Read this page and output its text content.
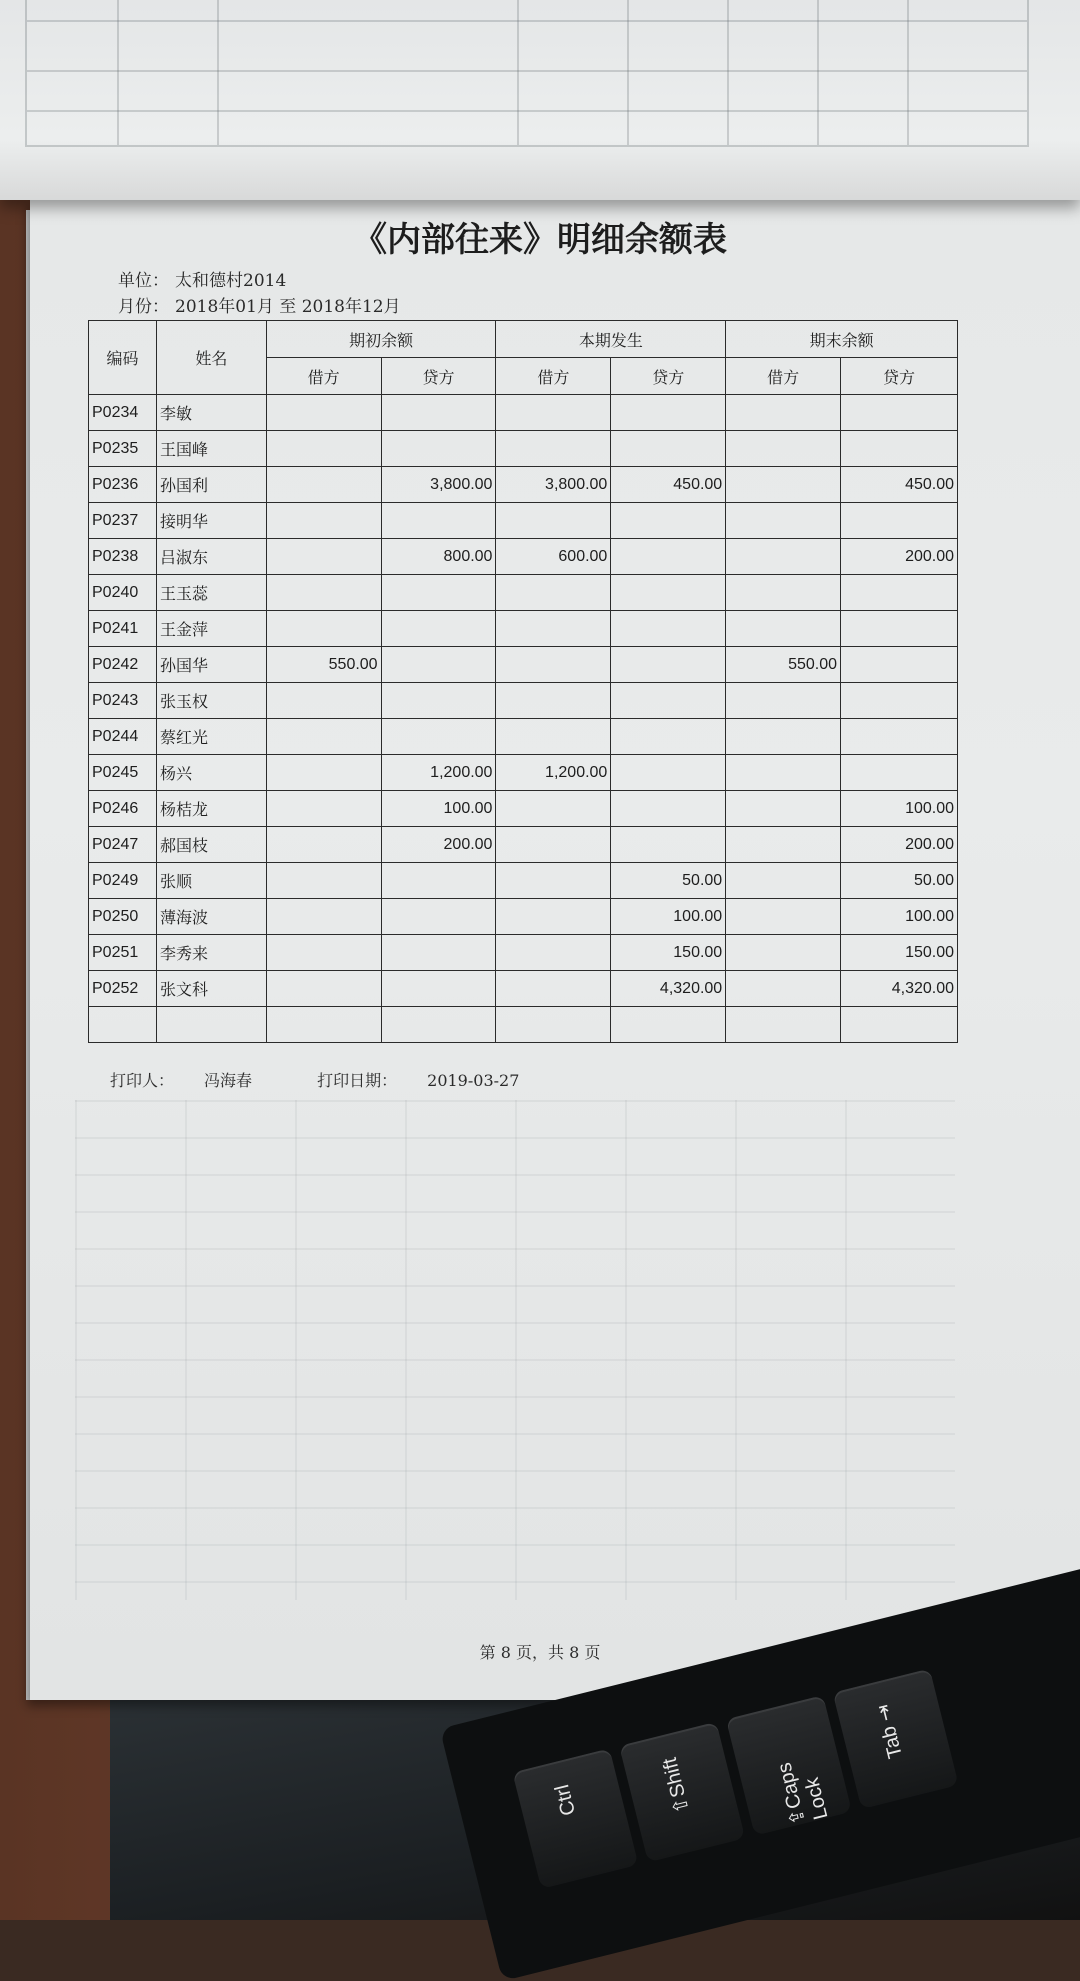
《内部往来》明细余额表
单位： 太和德村2014
月份： 2018年01月 至 2018年12月
编码	姓名	期初余额		本期发生		期末余额	
		借方	贷方	借方	贷方	借方	贷方
P0234	李敏						
P0235	王国峰						
P0236	孙国利		3,800.00	3,800.00	450.00		450.00
P0237	接明华						
P0238	吕淑东		800.00	600.00			200.00
P0240	王玉蕊						
P0241	王金萍						
P0242	孙国华	550.00				550.00	
P0243	张玉权						
P0244	蔡红光						
P0245	杨兴		1,200.00	1,200.00			
P0246	杨桔龙		100.00				100.00
P0247	郝国枝		200.00				200.00
P0249	张顺				50.00		50.00
P0250	薄海波				100.00		100.00
P0251	李秀来				150.00		150.00
P0252	张文科				4,320.00		4,320.00

打印人： 冯海春	打印日期： 2019-03-27
第 8 页，共 8 页
Ctrl	⇧Shift	⇪Caps Lock
Tab ⇥
